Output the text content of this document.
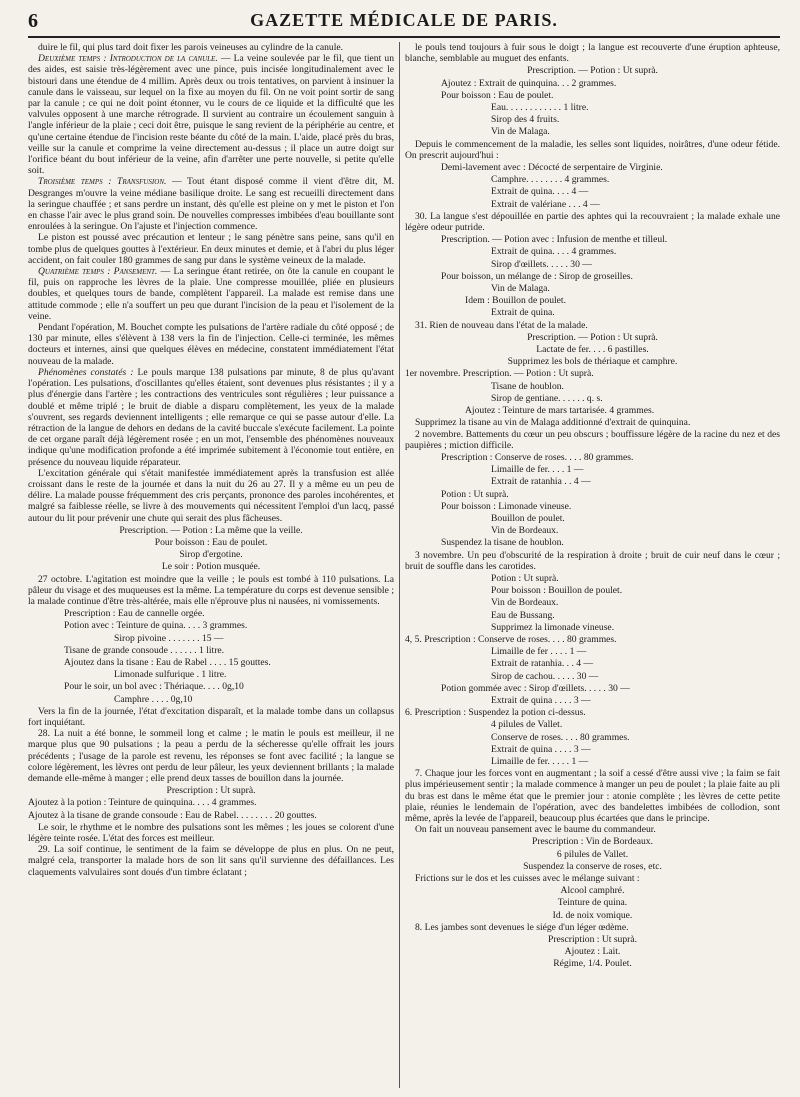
6	GAZETTE MÉDICALE DE PARIS.

duire le fil, qui plus tard doit fixer les parois veineuses au cylindre de la canule.

Deuxième temps : Introduction de la canule. — La veine soulevée par le fil, que tient un des aides, est saisie très-légèrement avec une pince, puis incisée longitudinalement avec le bistouri dans une étendue de 4 millim. Après deux ou trois tentatives, on parvient à insinuer la canule dans le vaisseau, sur lequel on la fixe au moyen du fil. On ne voit point sortir de sang par la canule ; ce qui ne doit point étonner, vu le cours de ce liquide et la difficulté que les valvules opposent à une marche rétrograde. Il survient au contraire un écoulement sanguin à l'angle inférieur de la plaie ; ceci doit être, puisque le sang revient de la périphérie au centre, et qu'une certaine étendue de l'incision reste béante du côté de la main. L'aide, placé près du bras, veille sur la canule et comprime la veine directement au-dessus ; il place un autre doigt sur l'orifice béant du bout inférieur de la veine, afin d'arrêter une perte nouvelle, si petite qu'elle soit.

Troisième temps : Transfusion. — Tout étant disposé comme il vient d'être dit, M. Desgranges m'ouvre la veine médiane basilique droite. Le sang est recueilli directement dans la seringue chauffée ; et sans perdre un instant, dès qu'elle est pleine on y met le piston et l'on en chasse l'air avec le plus grand soin. De nouvelles compresses imbibées d'eau bouillante sont enroulées à la seringue. On l'ajuste et l'injection commence.

Le piston est poussé avec précaution et lenteur ; le sang pénètre sans peine, sans qu'il en tombe plus de quelques gouttes à l'extérieur. En deux minutes et demie, et à l'abri du plus léger accident, on fait couler 180 grammes de sang pur dans le système veineux de la malade.

Quatrième temps : Pansement. — La seringue étant retirée, on ôte la canule en coupant le fil, puis on rapproche les lèvres de la plaie. Une compresse mouillée, pliée en plusieurs doubles, et quelques tours de bande, complètent l'appareil. La malade est remise dans une attitude commode ; elle n'a souffert un peu que durant l'incision de la peau et l'isolement de la veine.

Pendant l'opération, M. Bouchet compte les pulsations de l'artère radiale du côté opposé ; de 130 par minute, elles s'élèvent à 138 vers la fin de l'injection. Celle-ci terminée, les mêmes docteurs et internes, ainsi que quelques élèves en médecine, constatent immédiatement l'état nouveau de la malade.

Phénomènes constatés : Le pouls marque 138 pulsations par minute, 8 de plus qu'avant l'opération. Les pulsations, d'oscillantes qu'elles étaient, sont devenues plus résistantes ; il y a plus d'énergie dans l'artère ; les contractions des ventricules sont régulières ; leur puissance a doublé et même triplé ; le bruit de diable a disparu complètement, les yeux de la malade s'ouvrent, ses regards deviennent intelligents ; elle remarque ce qui se passe autour d'elle. La rétraction de la langue de dehors en dedans de la cavité buccale s'exécute facilement. La pointe de cet organe paraît déjà légèrement rosée ; en un mot, l'ensemble des phénomènes nouveaux indique qu'une modification profonde a été imprimée subitement à l'économie tout entière, en présence du nouveau liquide réparateur.

L'excitation générale qui s'était manifestée immédiatement après la transfusion est allée croissant dans le reste de la journée et dans la nuit du 26 au 27. Il y a même eu un peu de délire. La malade pousse fréquemment des cris perçants, prononce des paroles incohérentes, et malgré sa faiblesse réelle, se livre à des mouvements qui nécessitent l'emploi d'un lacq, passé autour du lit pour prévenir une chute qui serait des plus fâcheuses.

Prescription. — Potion : La même que la veille.

Pour boisson : Eau de poulet.

Sirop d'ergotine.

Le soir : Potion musquée.

27 octobre. L'agitation est moindre que la veille ; le pouls est tombé à 110 pulsations. La pâleur du visage et des muqueuses est la même. La température du corps est devenue sensible ; la malade continue d'être très-altérée, mais elle n'éprouve plus ni nausées, ni vomissements.

Prescription : Eau de cannelle orgée.

Potion avec : Teinture de quina. . . . 3 grammes.

Sirop pivoine . . . . . . . 15 —

Tisane de grande consoude . . . . . . 1 litre.

Ajoutez dans la tisane : Eau de Rabel . . . . 15 gouttes.

Limonade sulfurique . 1 litre.

Pour le soir, un bol avec : Thériaque. . . . 0g,10

Camphre . . . . 0g,10

Vers la fin de la journée, l'état d'excitation disparaît, et la malade tombe dans un collapsus fort inquiétant.

28. La nuit a été bonne, le sommeil long et calme ; le matin le pouls est meilleur, il ne marque plus que 90 pulsations ; la peau a perdu de la sécheresse qu'elle offrait les jours précédents ; l'usage de la parole est revenu, les réponses se font avec facilité ; la langue se colore légèrement, les lèvres ont perdu de leur pâleur, les yeux deviennent brillants ; la malade demande elle-même à manger ; elle prend deux tasses de bouillon dans la journée.

Prescription : Ut suprà.

Ajoutez à la potion : Teinture de quinquina. . . . 4 grammes.

Ajoutez à la tisane de grande consoude : Eau de Rabel. . . . . . . . 20 gouttes.

Le soir, le rhythme et le nombre des pulsations sont les mêmes ; les joues se colorent d'une légère teinte rosée. L'état des forces est meilleur.

29. La soif continue, le sentiment de la faim se développe de plus en plus. On ne peut, malgré cela, transporter la malade hors de son lit sans qu'il survienne des défaillances. Les claquements valvulaires sont doués d'un timbre éclatant ;

le pouls tend toujours à fuir sous le doigt ; la langue est recouverte d'une éruption aphteuse, blanche, semblable au muguet des enfants.

Prescription. — Potion : Ut suprà.

Ajoutez : Extrait de quinquina. . . 2 grammes.

Pour boisson : Eau de poulet.

Eau. . . . . . . . . . . . 1 litre.

Sirop des 4 fruits.

Vin de Malaga.

Depuis le commencement de la maladie, les selles sont liquides, noirâtres, d'une odeur fétide. On prescrit aujourd'hui :

Demi-lavement avec : Décocté de serpentaire de Virginie.

Camphre. . . . . . . . 4 grammes.

Extrait de quina. . . . 4 —

Extrait de valériane . . . 4 —

30. La langue s'est dépouillée en partie des aphtes qui la recouvraient ; la malade exhale une légère odeur putride.

Prescription. — Potion avec : Infusion de menthe et tilleul.

Extrait de quina. . . . 4 grammes.

Sirop d'œillets. . . . . 30 —

Pour boisson, un mélange de : Sirop de groseilles.

Vin de Malaga.

Idem : Bouillon de poulet.

Extrait de quina.

31. Rien de nouveau dans l'état de la malade.

Prescription. — Potion : Ut suprà.

Lactate de fer. . . . 6 pastilles.

Supprimez les bols de thériaque et camphre.

1er novembre. Prescription. — Potion : Ut suprà.

Tisane de houblon.

Sirop de gentiane. . . . . . q. s.

Ajoutez : Teinture de mars tartarisée. 4 grammes.

Supprimez la tisane au vin de Malaga additionné d'extrait de quinquina.

2 novembre. Battements du cœur un peu obscurs ; bouffissure légère de la racine du nez et des paupières ; miction difficile.

Prescription : Conserve de roses. . . . 80 grammes.

Limaille de fer. . . . 1 —

Extrait de ratanhia . . 4 —

Potion : Ut suprà.

Pour boisson : Limonade vineuse.

Bouillon de poulet.

Vin de Bordeaux.

Suspendez la tisane de houblon.

3 novembre. Un peu d'obscurité de la respiration à droite ; bruit de cuir neuf dans le cœur ; bruit de souffle dans les carotides.

Potion : Ut suprà.

Pour boisson : Bouillon de poulet.

Vin de Bordeaux.

Eau de Bussang.

Supprimez la limonade vineuse.

4, 5. Prescription : Conserve de roses. . . . 80 grammes.

Limaille de fer . . . . 1 —

Extrait de ratanhia. . . 4 —

Sirop de cachou. . . . . 30 —

Potion gommée avec : Sirop d'œillets. . . . . 30 —

Extrait de quina . . . . 3 —

6. Prescription : Suspendez la potion ci-dessus.

4 pilules de Vallet.

Conserve de roses. . . . 80 grammes.

Extrait de quina . . . . 3 —

Limaille de fer. . . . . 1 —

7. Chaque jour les forces vont en augmentant ; la soif a cessé d'être aussi vive ; la faim se fait plus impérieusement sentir ; la malade commence à manger un peu de poulet ; la plaie faite au pli du bras est dans le même état que le premier jour : atonie complète ; les lèvres de cette petite plaie, réunies le lendemain de l'opération, avec des bandelettes imbibées de collodion, sont même, après la levée de l'appareil, beaucoup plus écartées que dans le principe.

On fait un nouveau pansement avec le baume du commandeur.

Prescription : Vin de Bordeaux.

6 pilules de Vallet.

Suspendez la conserve de roses, etc.

Frictions sur le dos et les cuisses avec le mélange suivant :

Alcool camphré.

Teinture de quina.

Id. de noix vomique.

8. Les jambes sont devenues le siége d'un léger œdème.

Prescription : Ut suprà.

Ajoutez : Lait.

Régime, 1/4. Poulet.
